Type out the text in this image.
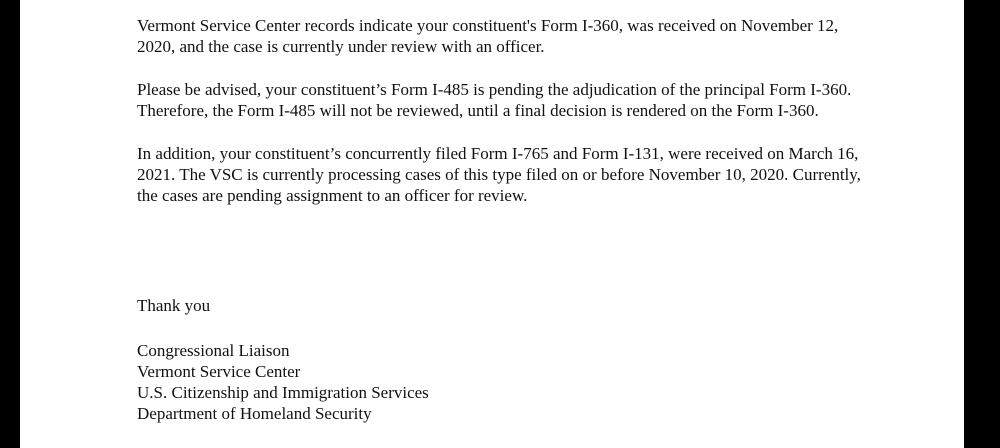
Vermont Service Center records indicate your constituent's Form I-360, was received on November 12, 2020, and the case is currently under review with an officer.

Please be advised, your constituent’s Form I-485 is pending the adjudication of the principal Form I-360. Therefore, the Form I-485 will not be reviewed, until a final decision is rendered on the Form I-360.

In addition, your constituent’s concurrently filed Form I-765 and Form I-131, were received on March 16, 2021. The VSC is currently processing cases of this type filed on or before November 10, 2020. Currently, the cases are pending assignment to an officer for review.

Thank you

Congressional Liaison
Vermont Service Center
U.S. Citizenship and Immigration Services
Department of Homeland Security
